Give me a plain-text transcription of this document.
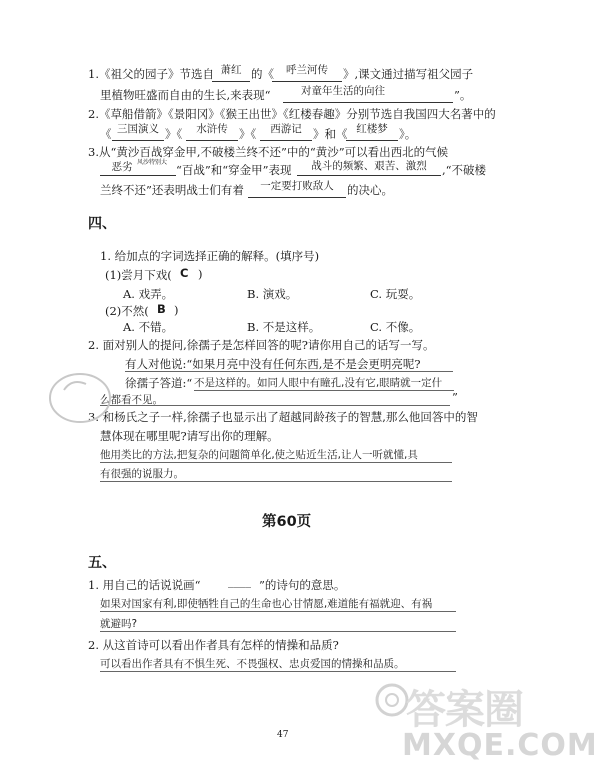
1.《祖父的园子》节选自 萧红 的《	呼兰河传	》,课文通过描写祖父园子
里植物旺盛而自由的生长,来表现“	对童年生活的向往	”。
2.《草船借箭》《景阳冈》《猴王出世》《红楼春趣》分别节选自我国四大名著中的
《 三国演义 》《	水浒传 》《	西游记 》和《 红楼梦 》。
3.从“黄沙百战穿金甲,不破楼兰终不还”中的“黄沙”可以看出西北的气候
恶劣 风沙特别大
“百战”和“穿金甲”表现	战斗的频繁、艰苦、激烈	,“不破楼
兰终不还”还表明战士们有着	一定要打败敌人	的决心。
四、
1. 给加点的字词选择正确的解释。(填序号)
(1)尝月下戏( C )
A. 戏弄。	B. 演戏。	C. 玩耍。
(2)不然( B )
A. 不错。	B. 不是这样。	C. 不像。
2. 面对别人的提问,徐孺子是怎样回答的呢?请你用自己的话写一写。
有人对他说:“如果月亮中没有任何东西,是不是会更明亮呢?
徐孺子答道:“ 不是这样的。如同人眼中有瞳孔,没有它,眼睛就一定什
么都看不见。	”
3. 和杨氏之子一样,徐孺子也显示出了超越同龄孩子的智慧,那么他回答中的智
慧体现在哪里呢?请写出你的理解。
他用类比的方法,把复杂的问题简单化,使之贴近生活,让人一听就懂,具
有很强的说服力。
第60页
五、
1. 用自己的话说说画“ ____ ”的诗句的意思。
如果对国家有利,即使牺牲自己的生命也心甘情愿,难道能有福就迎、有祸
就避吗?
2. 从这首诗可以看出作者具有怎样的情操和品质?
可以看出作者具有不惧生死、不畏强权、忠贞爱国的情操和品质。
47
答案圈
MXQE.COM
